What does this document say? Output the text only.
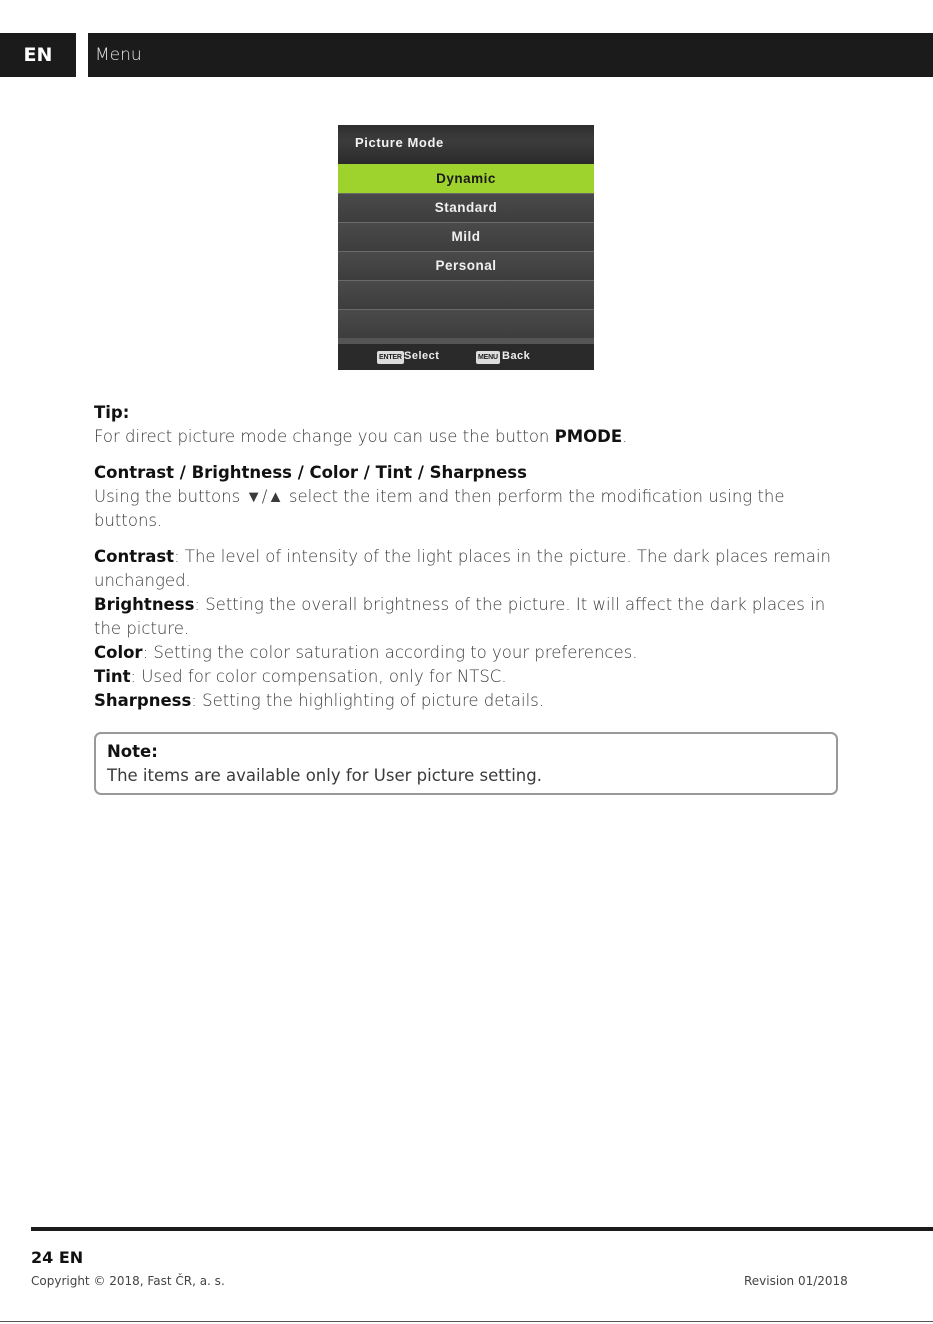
EN	Menu
Picture Mode
Dynamic
Standard
Mild
Personal
ENTER Select	MENU Back
Tip:
For direct picture mode change you can use the button PMODE.
Contrast / Brightness / Color / Tint / Sharpness
Using the buttons ▼/▲ select the item and then perform the modification using the buttons.
Contrast: The level of intensity of the light places in the picture. The dark places remain unchanged.
Brightness: Setting the overall brightness of the picture. It will affect the dark places in the picture.
Color: Setting the color saturation according to your preferences.
Tint: Used for color compensation, only for NTSC.
Sharpness: Setting the highlighting of picture details.
Note:
The items are available only for User picture setting.
24 EN
Copyright © 2018, Fast ČR, a. s.	Revision 01/2018
